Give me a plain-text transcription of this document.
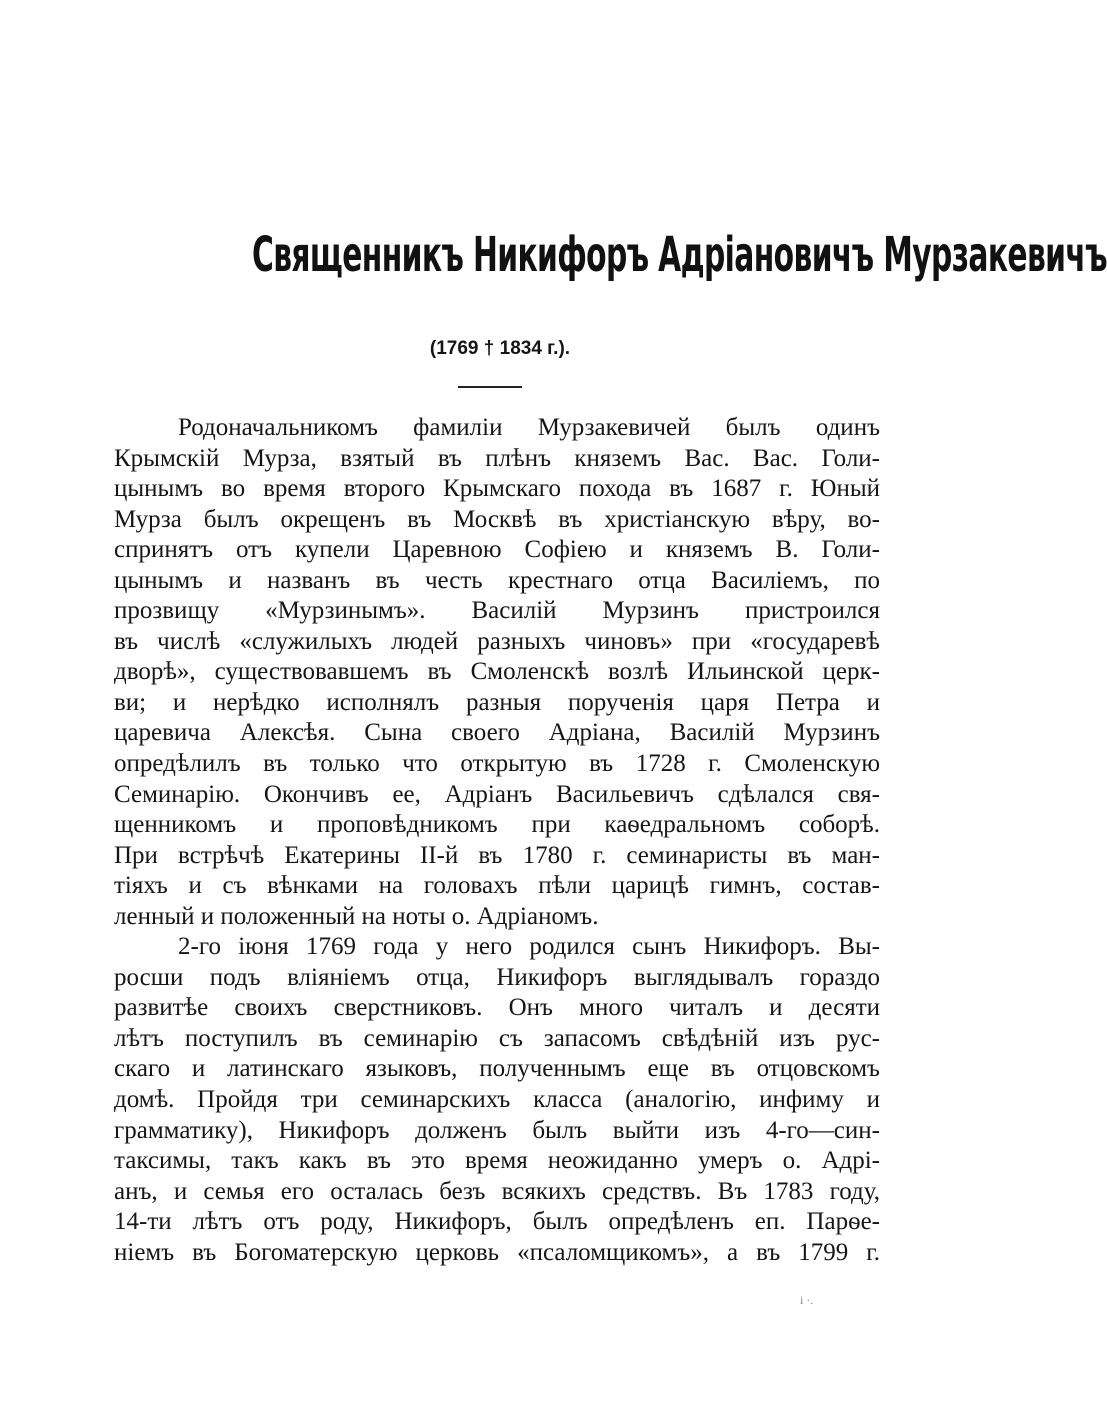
Священникъ Никифоръ Адріановичъ Мурзакевичъ
(1769 † 1834 г.).
Родоначальникомъ фамиліи Мурзакевичей былъ одинъ
Крымскій Мурза, взятый въ плѣнъ княземъ Вас. Вас. Голи-
цынымъ во время второго Крымскаго похода въ 1687 г. Юный
Мурза былъ окрещенъ въ Москвѣ въ христіанскую вѣру, во-
спринятъ отъ купели Царевною Софіею и княземъ В. Голи-
цынымъ и названъ въ честь крестнаго отца Василіемъ, по
прозвищу «Мурзинымъ». Василій Мурзинъ пристроился
въ числѣ «служилыхъ людей разныхъ чиновъ» при «государевѣ
дворѣ», существовавшемъ въ Смоленскѣ возлѣ Ильинской церк-
ви; и нерѣдко исполнялъ разныя порученія царя Петра и
царевича Алексѣя. Сына своего Адріана, Василій Мурзинъ
опредѣлилъ въ только что открытую въ 1728 г. Смоленскую
Семинарію. Окончивъ ее, Адріанъ Васильевичъ сдѣлался свя-
щенникомъ и проповѣдникомъ при каѳедральномъ соборѣ.
При встрѣчѣ Екатерины II-й въ 1780 г. семинаристы въ ман-
тіяхъ и съ вѣнками на головахъ пѣли царицѣ гимнъ, состав-
ленный и положенный на ноты о. Адріаномъ.
2-го іюня 1769 года у него родился сынъ Никифоръ. Вы-
росши подъ вліяніемъ отца, Никифоръ выглядывалъ гораздо
развитѣе своихъ сверстниковъ. Онъ много читалъ и десяти
лѣтъ поступилъ въ семинарію съ запасомъ свѣдѣній изъ рус-
скаго и латинскаго языковъ, полученнымъ еще въ отцовскомъ
домѣ. Пройдя три семинарскихъ класса (аналогію, инфиму и
грамматику), Никифоръ долженъ былъ выйти изъ 4-го—син-
таксимы, такъ какъ въ это время неожиданно умеръ о. Адрі-
анъ, и семья его осталась безъ всякихъ средствъ. Въ 1783 году,
14-ти лѣтъ отъ роду, Никифоръ, былъ опредѣленъ еп. Парѳе-
ніемъ въ Богоматерскую церковь «псаломщикомъ», а въ 1799 г.
i ·.
